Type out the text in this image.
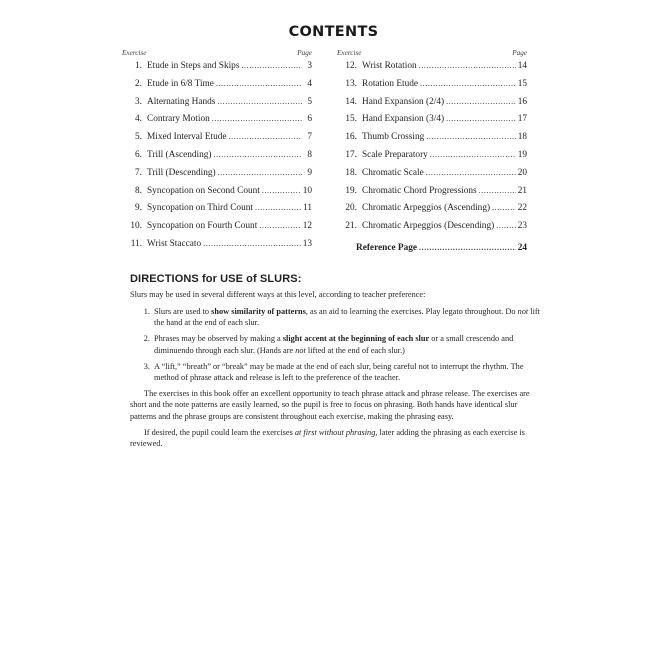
CONTENTS
Exercise	Page
1. Etude in Steps and Skips .....	3
2. Etude in 6/8 Time .....	4
3. Alternating Hands .....	5
4. Contrary Motion .....	6
5. Mixed Interval Etude .....	7
6. Trill (Ascending) .....	8
7. Trill (Descending) .....	9
8. Syncopation on Second Count .....	10
9. Syncopation on Third Count .....	11
10. Syncopation on Fourth Count .....	12
11. Wrist Staccato .....	13
Exercise	Page
12. Wrist Rotation .....	14
13. Rotation Etude .....	15
14. Hand Expansion (2/4) .....	16
15. Hand Expansion (3/4) .....	17
16. Thumb Crossing .....	18
17. Scale Preparatory .....	19
18. Chromatic Scale .....	20
19. Chromatic Chord Progressions .....	21
20. Chromatic Arpeggios (Ascending) .....	22
21. Chromatic Arpeggios (Descending) .....	23
Reference Page .....	24
DIRECTIONS for USE of SLURS:
Slurs may be used in several different ways at this level, according to teacher preference:
1. Slurs are used to show similarity of patterns, as an aid to learning the exercises. Play legato throughout. Do not lift the hand at the end of each slur.
2. Phrases may be observed by making a slight accent at the beginning of each slur or a small crescendo and diminuendo through each slur. (Hands are not lifted at the end of each slur.)
3. A “lift,” “breath” or “break” may be made at the end of each slur, being careful not to interrupt the rhythm. The method of phrase attack and release is left to the preference of the teacher.

The exercises in this book offer an excellent opportunity to teach phrase attack and phrase release. The exercises are short and the note patterns are easily learned, so the pupil is free to focus on phrasing. Both hands have identical slur patterns and the phrase groups are consistent throughout each exercise, making the phrasing easy.

If desired, the pupil could learn the exercises at first without phrasing, later adding the phrasing as each exercise is reviewed.
